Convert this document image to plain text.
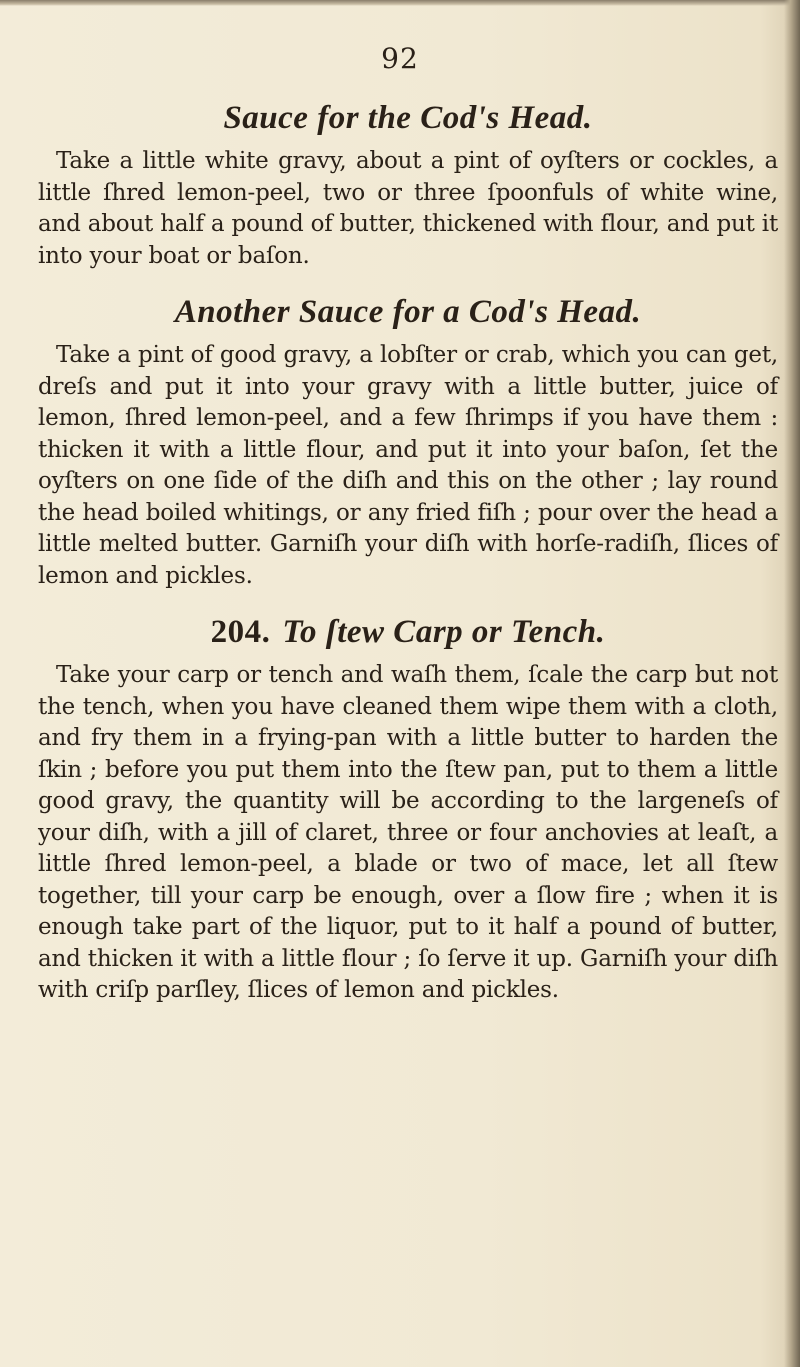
92
Sauce for the Cod's Head.

Take a little white gravy, about a pint of oyſters or cockles, a little ſhred lemon-peel, two or three ſpoonfuls of white wine, and about half a pound of butter, thickened with flour, and put it into your boat or baſon.

Another Sauce for a Cod's Head.

Take a pint of good gravy, a lobſter or crab, which you can get, dreſs and put it into your gravy with a little butter, juice of lemon, ſhred lemon-peel, and a few ſhrimps if you have them : thicken it with a little flour, and put it into your baſon, ſet the oyſters on one ſide of the diſh and this on the other ; lay round the head boiled whitings, or any fried fiſh ; pour over the head a little melted butter. Garniſh your diſh with horſe-radiſh, ſlices of lemon and pickles.

204. To ſtew Carp or Tench.

Take your carp or tench and waſh them, ſcale the carp but not the tench, when you have cleaned them wipe them with a cloth, and fry them in a frying-pan with a little butter to harden the ſkin ; before you put them into the ſtew pan, put to them a little good gravy, the quantity will be according to the largeneſs of your diſh, with a jill of claret, three or four anchovies at leaſt, a little ſhred lemon-peel, a blade or two of mace, let all ſtew together, till your carp be enough, over a ſlow fire ; when it is enough take part of the liquor, put to it half a pound of butter, and thicken it with a little flour ; ſo ſerve it up. Garniſh your diſh with criſp parſley, ſlices of lemon and pickles.
